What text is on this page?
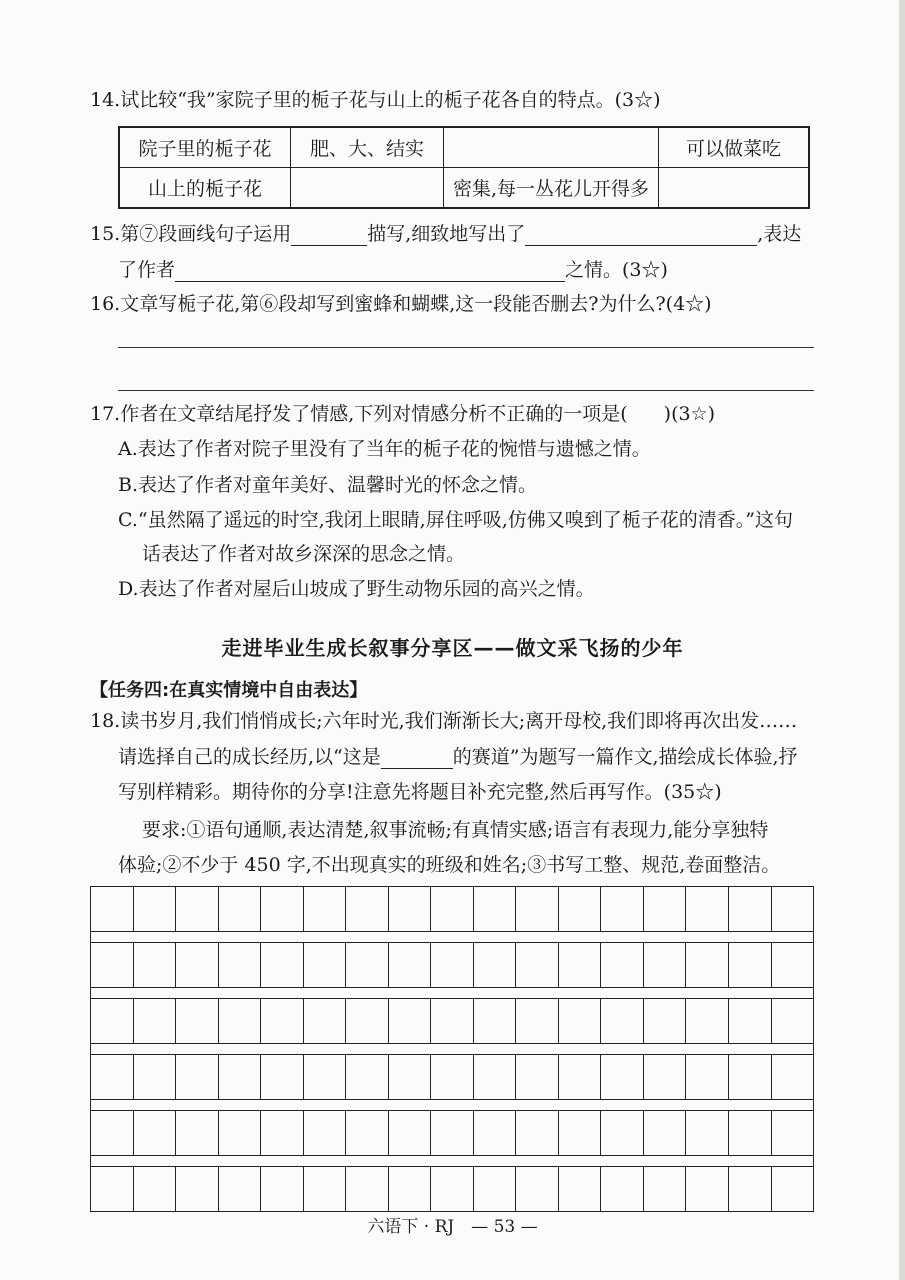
14.试比较“我”家院子里的栀子花与山上的栀子花各自的特点。(3☆)
院子里的栀子花	肥、大、结实		可以做菜吃
山上的栀子花		密集,每一丛花儿开得多	
15.第⑦段画线句子运用	描写,细致地写出了	,表达
了作者	之情。(3☆)
16.文章写栀子花,第⑥段却写到蜜蜂和蝴蝶,这一段能否删去?为什么?(4☆)
17.作者在文章结尾抒发了情感,下列对情感分析不正确的一项是( )(3☆)
A.表达了作者对院子里没有了当年的栀子花的惋惜与遗憾之情。
B.表达了作者对童年美好、温馨时光的怀念之情。
C.“虽然隔了遥远的时空,我闭上眼睛,屏住呼吸,仿佛又嗅到了栀子花的清香。”这句
话表达了作者对故乡深深的思念之情。
D.表达了作者对屋后山坡成了野生动物乐园的高兴之情。
走进毕业生成长叙事分享区——做文采飞扬的少年
【任务四:在真实情境中自由表达】
18.读书岁月,我们悄悄成长;六年时光,我们渐渐长大;离开母校,我们即将再次出发……
请选择自己的成长经历,以“这是	的赛道”为题写一篇作文,描绘成长体验,抒
写别样精彩。期待你的分享!注意先将题目补充完整,然后再写作。(35☆)
要求:①语句通顺,表达清楚,叙事流畅;有真情实感;语言有表现力,能分享独特
体验;②不少于 450 字,不出现真实的班级和姓名;③书写工整、规范,卷面整洁。
六语下 · RJ　— 53 —
